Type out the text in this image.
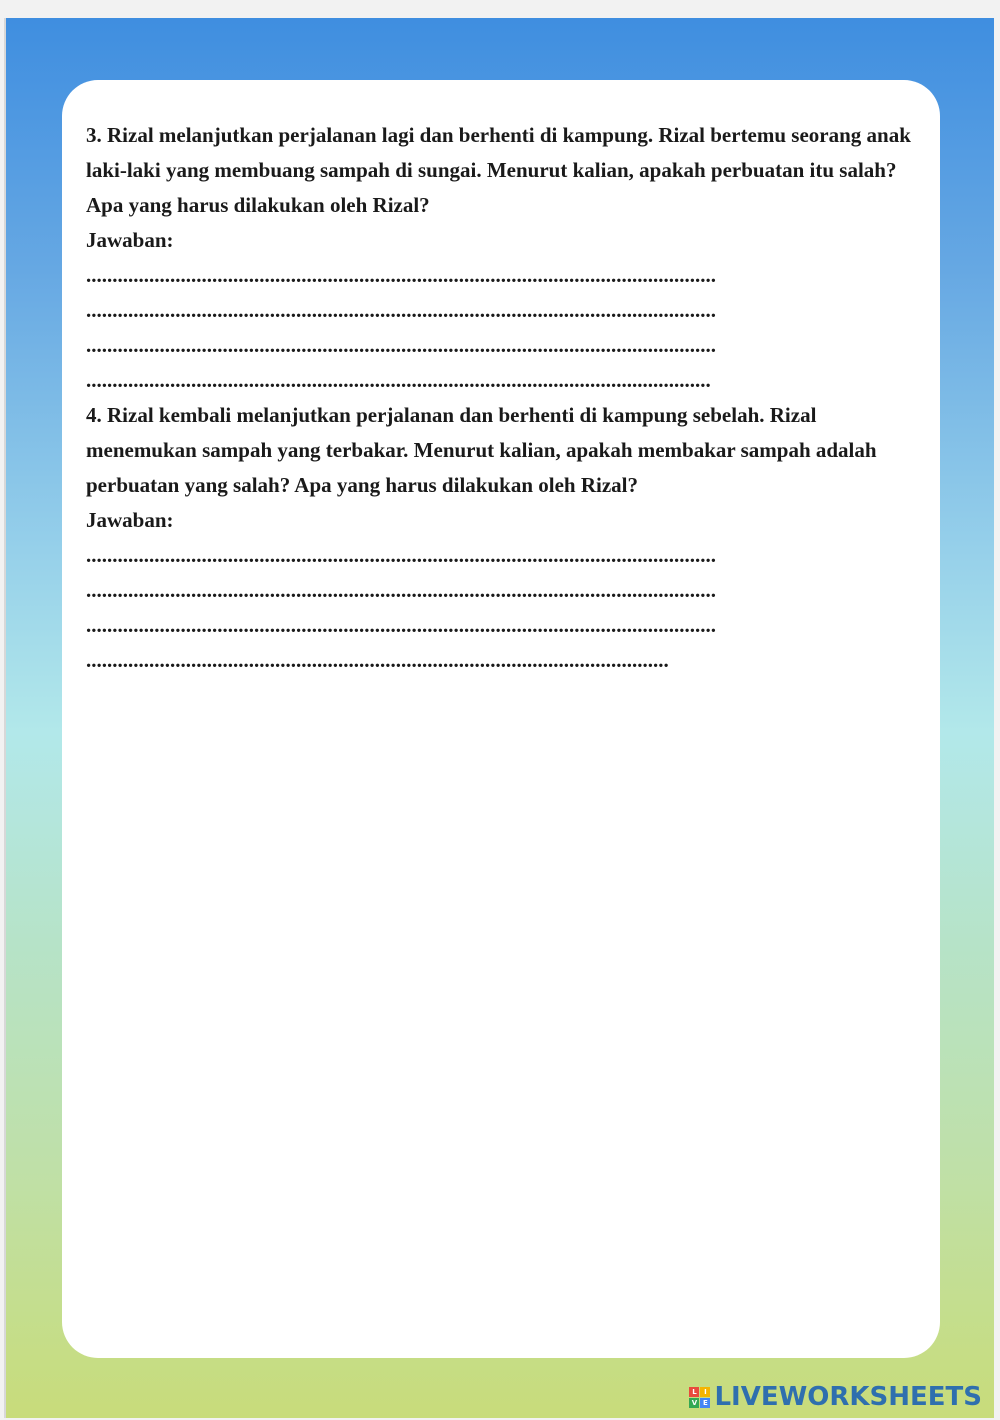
3. Rizal melanjutkan perjalanan lagi dan berhenti di kampung. Rizal bertemu seorang anak laki-laki yang membuang sampah di sungai. Menurut kalian, apakah perbuatan itu salah? Apa yang harus dilakukan oleh Rizal?

Jawaban:

........................................................................................................................

........................................................................................................................

........................................................................................................................

.......................................................................................................................

4. Rizal kembali melanjutkan perjalanan dan berhenti di kampung sebelah. Rizal menemukan sampah yang terbakar. Menurut kalian, apakah membakar sampah adalah perbuatan yang salah? Apa yang harus dilakukan oleh Rizal?

Jawaban:

........................................................................................................................

........................................................................................................................

........................................................................................................................

...............................................................................................................

L	I
V E LIVEWORKSHEETS
